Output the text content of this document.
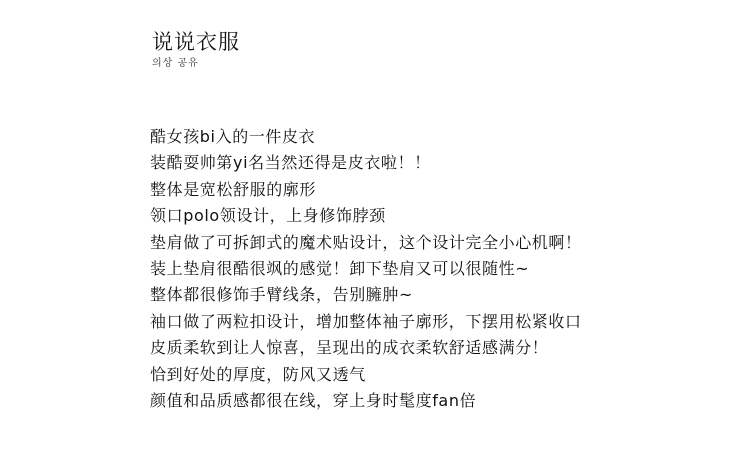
说说衣服
의상 공유
酷女孩bi入的一件皮衣
装酷耍帅第yi名当然还得是皮衣啦！！
整体是宽松舒服的廓形
领口polo领设计，上身修饰脖颈
垫肩做了可拆卸式的魔术贴设计，这个设计完全小心机啊！
装上垫肩很酷很飒的感觉！卸下垫肩又可以很随性~
整体都很修饰手臂线条，告别臃肿~
袖口做了两粒扣设计，增加整体袖子廓形，下摆用松紧收口
皮质柔软到让人惊喜，呈现出的成衣柔软舒适感满分！
恰到好处的厚度，防风又透气
颜值和品质感都很在线，穿上身时髦度fan倍
